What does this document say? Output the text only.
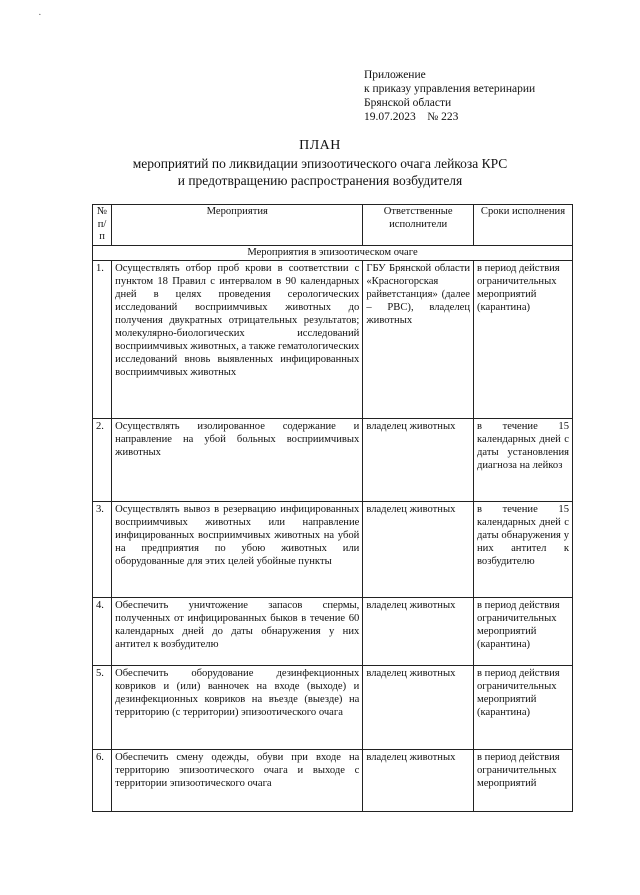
·
Приложение
к приказу управления ветеринарии
Брянской области
19.07.2023    № 223
ПЛАН
мероприятий по ликвидации эпизоотического очага лейкоза КРС
и предотвращению распространения возбудителя
№ п/п	Мероприятия	Ответственные исполнители	Сроки исполнения
Мероприятия в эпизоотическом очаге			
1.	Осуществлять отбор проб крови в соответствии с пунктом 18 Правил с интервалом в 90 календарных дней в целях проведения серологических исследований восприимчивых животных до получения двукратных отрицательных результатов; молекулярно-биологических исследований восприимчивых животных, а также гематологических исследований вновь выявленных инфицированных восприимчивых животных	ГБУ Брянской области «Красногорская райветстанция» (далее – РВС), владелец животных	в период действия ограничительных мероприятий (карантина)
2.	Осуществлять изолированное содержание и направление на убой больных восприимчивых животных	владелец животных	в течение 15 календарных дней с даты установления диагноза на лейкоз
3.	Осуществлять вывоз в резервацию инфицированных восприимчивых животных или направление инфицированных восприимчивых животных на убой на предприятия по убою животных или оборудованные для этих целей убойные пункты	владелец животных	в течение 15 календарных дней с даты обнаружения у них антител к возбудителю
4.	Обеспечить уничтожение запасов спермы, полученных от инфицированных быков в течение 60 календарных дней до даты обнаружения у них антител к возбудителю	владелец животных	в период действия ограничительных мероприятий (карантина)
5.	Обеспечить оборудование дезинфекционных ковриков и (или) ванночек на входе (выходе) и дезинфекционных ковриков на въезде (выезде) на территорию (с территории) эпизоотического очага	владелец животных	в период действия ограничительных мероприятий (карантина)
6.	Обеспечить смену одежды, обуви при входе на территорию эпизоотического очага и выходе с территории эпизоотического очага	владелец животных	в период действия ограничительных мероприятий
